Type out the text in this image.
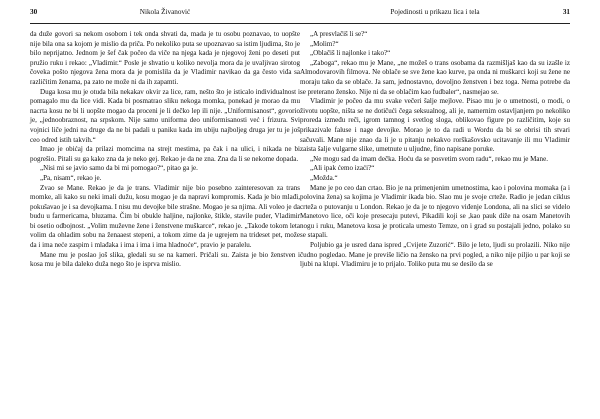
30	Nikola Živanović

da duže govori sa nekom osobom i tek onda shvati da, mada je tu osobu poznavao, to uopšte nije bila ona sa kojom je mislio da priča. Po nekoliko puta se upoznavao sa istim ljudima, što je bilo neprijatno. Jednom je šef čak počeo da viče na njega kada je njegovoj ženi po deseti put pružio ruku i rekao: „Vladimir.“ Posle je shvatio u koliko nevolja mora da je uvaljivao sirotog čoveka pošto njegova žena mora da je pomislila da je Vladimir navikao da ga često viđa sa različitim ženama, pa zato ne može ni da ih zapamti.

Duga kosa mu je otuda bila nekakav okvir za lice, ram, nešto što je isticalo individualnost i pomagalo mu da lice vidi. Kada bi posmatrao sliku nekoga momka, ponekad je morao da mu nacrta kosu ne bi li uopšte mogao da proceni je li dečko lep ili nije. „Uniformisanost“, govorio je, „jednoobraznost, na srpskom. Nije samo uniforma deo uniformisanosti već i frizura. Svi vojnici liče jedni na druge da ne bi padali u paniku kada im ubiju najbolјeg druga jer tu je još ceo odred istih takvih.“

Imao je obićaj da prilazi momcima na streјt mestima, pa čak i na ulici, i nikada ne bi pogrešio. Pitali su ga kako zna da je neko gej. Rekao je da ne zna. Zna da li se nekome dopada.

„Nisi mi se javio samo da bi mi pomogao?“, pitao ga je.

„Pa, nisam“, rekao je.

Zvao se Mane. Rekao je da je trans. Vladimir nije bio posebno zainteresovan za trans momke, ali kako su neki imali dužu, kosu mogao je da napravi kompromis. Kada je bio mlađi, pokušavao je i sa devojkama. I nisu mu devojke bile strašne. Mogao je sa njima. Ali voleo je da budu u farmericama, bluzama. Čim bi obukle haljine, najlonke, štikle, stavile puder, Vladimir bi osetio odbojnost. „Volim muževne žene i ženstvene muškarce“, rekao je. „Takođe tokom leta volim da ohladim sobu na ženaaest stepeni, a tokom zime da je ugrejem na trideset pet, može da i ima neće zaspim i mlađaka i ima i ima i ima hladnoće“, pravio je paralelu.

Mane mu je poslao još slika, gledali su se na kameri. Pričali su. Zaista je bio ženstven i kosa mu je bila daleko duža nego što je isprva mislio.

Pojedinosti u prikazu lica i tela	31

„A presvlačiš li se?“

„Molim?“

„Oblačiš li najlonke i tako?“

„Zaboga“, rekao mu je Mane, „ne možeš o trans osobama da razmišljaš kao da su izašle iz Almodovarovih filmova. Ne oblače se sve žene kao kurve, pa onda ni muškarci koji su žene ne moraju tako da se oblače. Ja sam, jednostavno, dovoljno ženstven i bez toga. Nema potrebe da se preterano ženskо. Nije ni da se oblačim kao fudbaler“, nasmejao se.

Vladimir je počeo da mu svake večeri šalje mejlove. Pisao mu je o umetnosti, o modi, o životu uopšte, ništa se ne dotičući čega seksualnog, ali je, namernim ostavljanjem po nekoliko proreda između reči, igrom tamnog i svetlog sloga, oblikovao figure po različitim, koje su prikazivale faluse i nage devojke. Morao je to da radi u Wordu da bi se obrisi tih stvari sačuvali. Mane nije znao da li je u pitanju nekakvo rorškašovsko ucitavanje ili mu Vladimir zaista šalje vulgarne slike, umetnute u uljudne, fino napisane poruke.

„Ne mogu sad da imam dečka. Hoću da se posvetim svom radu“, rekao mu je Mane.

„Ali ipak ćemo izaći?“

„Možda.“

Mane je po ceo dan crtao. Bio je na primenjenim umetnostima, kao i polovina momaka (a i polovina žena) sa kojima je Vladimir ikada bio. Slao mu je svoje crteže. Radio je jedan ciklus crteža o putovanju u London. Rekao je da je to njegovo viđenje Londona, ali na slici se videlo Manetovo lice, oči koje presecaju putevi, Pikadili koji se ,kao pauk diže na osam Manetovih nogu i ruku, Manetova kosa je proticala umesto Temze, on i grad su postajali jedno, polako su se stapali.

Poljubio ga je usred dana ispred „Cvijete Zuzorić“. Bilo je leto, ljudi su prolazili. Niko nije čudno pogledao. Mane je previše ličio na ženskо na prvi pogled, a niko nije piljio u par koji se ljubi na klupi. Vladimiru je to prijalo. Toliko puta mu se desilo da se
